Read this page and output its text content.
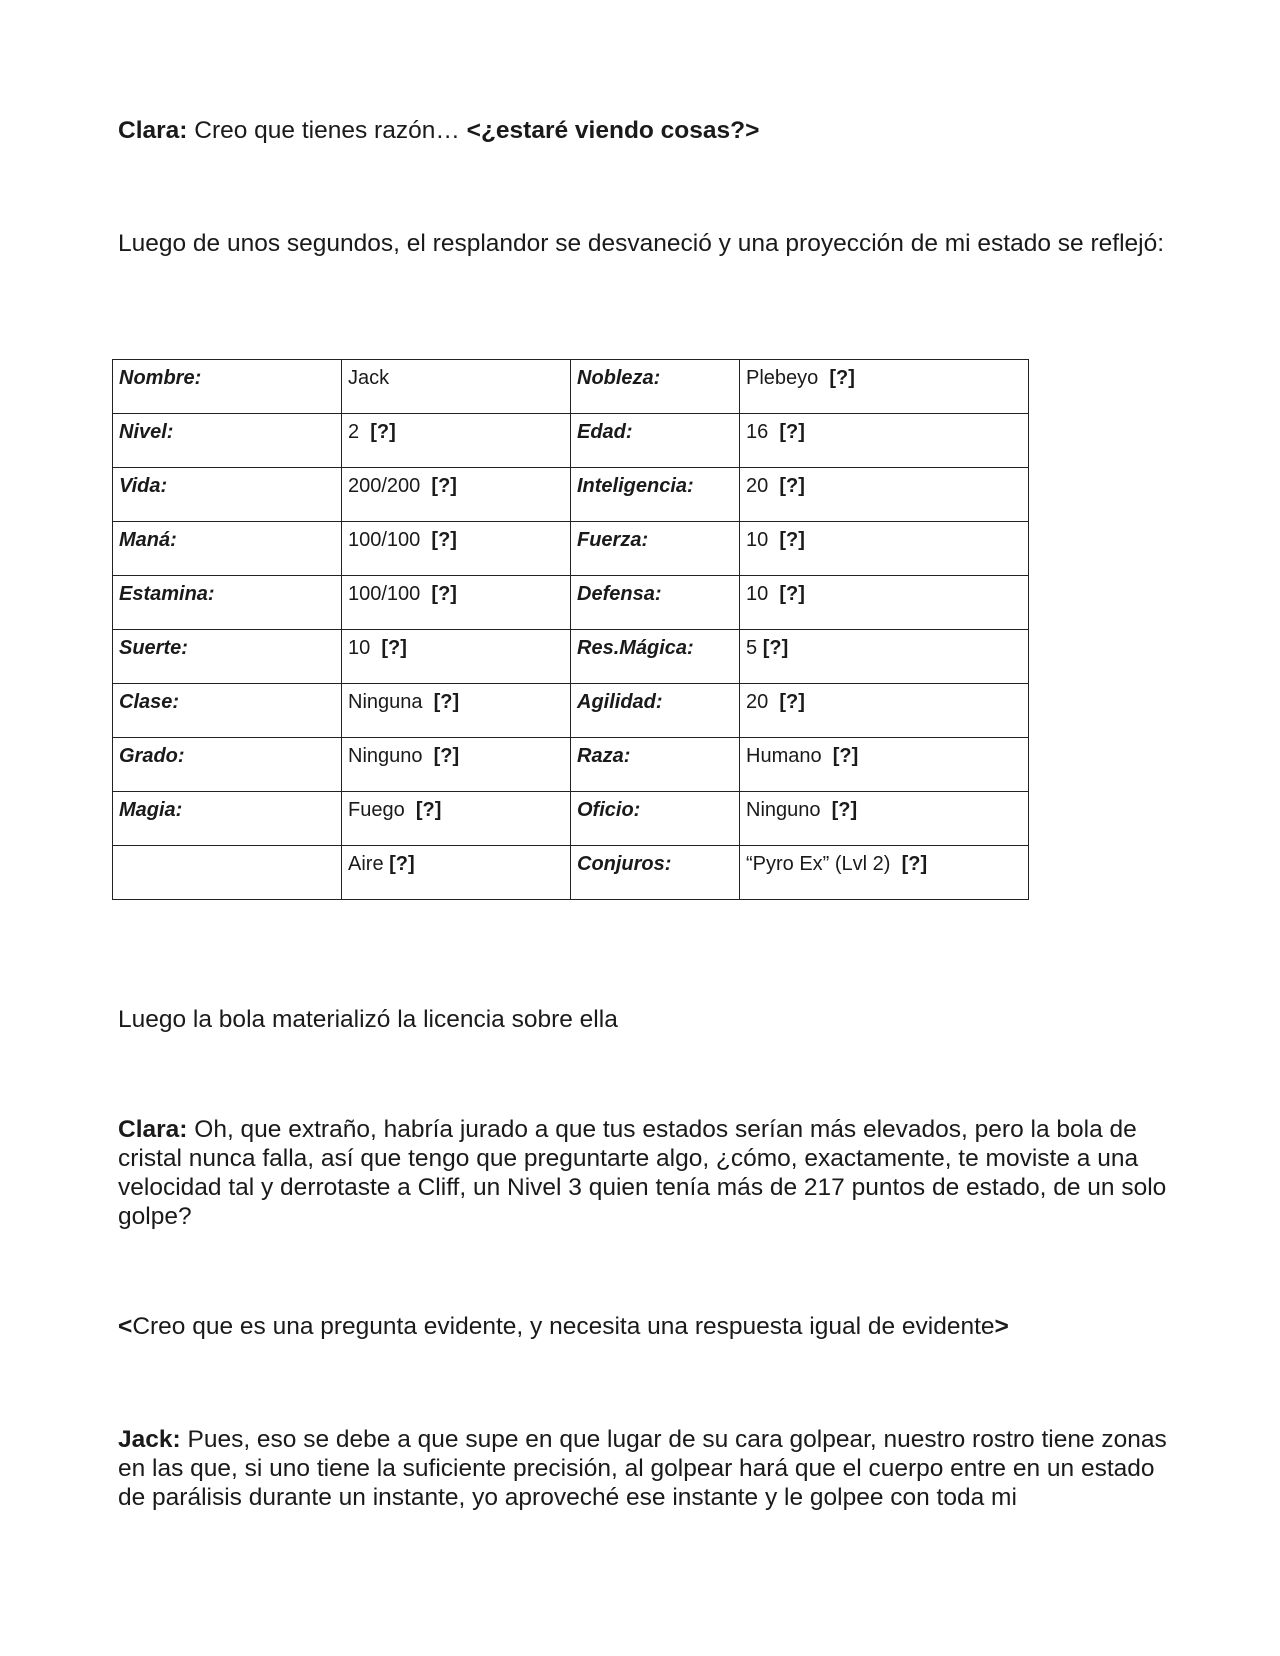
Clara: Creo que tienes razón… <¿estaré viendo cosas?>

Luego de unos segundos, el resplandor se desvaneció y una proyección de mi estado se reflejó:

Nombre:	Jack	Nobleza:	Plebeyo  [?]

Nivel:	2  [?]	Edad:	16  [?]

Vida:	200/200  [?]	Inteligencia:	20  [?]

Maná:	100/100  [?]	Fuerza:	10  [?]

Estamina:	100/100  [?]	Defensa:	10  [?]

Suerte:	10  [?]	Res.Mágica:	5 [?]

Clase:	Ninguna  [?]	Agilidad:	20  [?]

Grado:	Ninguno  [?]	Raza:	Humano  [?]

Magia:	Fuego  [?]	Oficio:	Ninguno  [?]

	Aire [?]	Conjuros:	“Pyro Ex” (Lvl 2)  [?]

Luego la bola materializó la licencia sobre ella

Clara: Oh, que extraño, habría jurado a que tus estados serían más elevados, pero la bola de cristal nunca falla, así que tengo que preguntarte algo, ¿cómo, exactamente, te moviste a una velocidad tal y derrotaste a Cliff, un Nivel 3 quien tenía más de 217 puntos de estado, de un solo golpe?

<Creo que es una pregunta evidente, y necesita una respuesta igual de evidente>

Jack: Pues, eso se debe a que supe en que lugar de su cara golpear, nuestro rostro tiene zonas en las que, si uno tiene la suficiente precisión, al golpear hará que el cuerpo entre en un estado de parálisis durante un instante, yo aproveché ese instante y le golpee con toda mi
